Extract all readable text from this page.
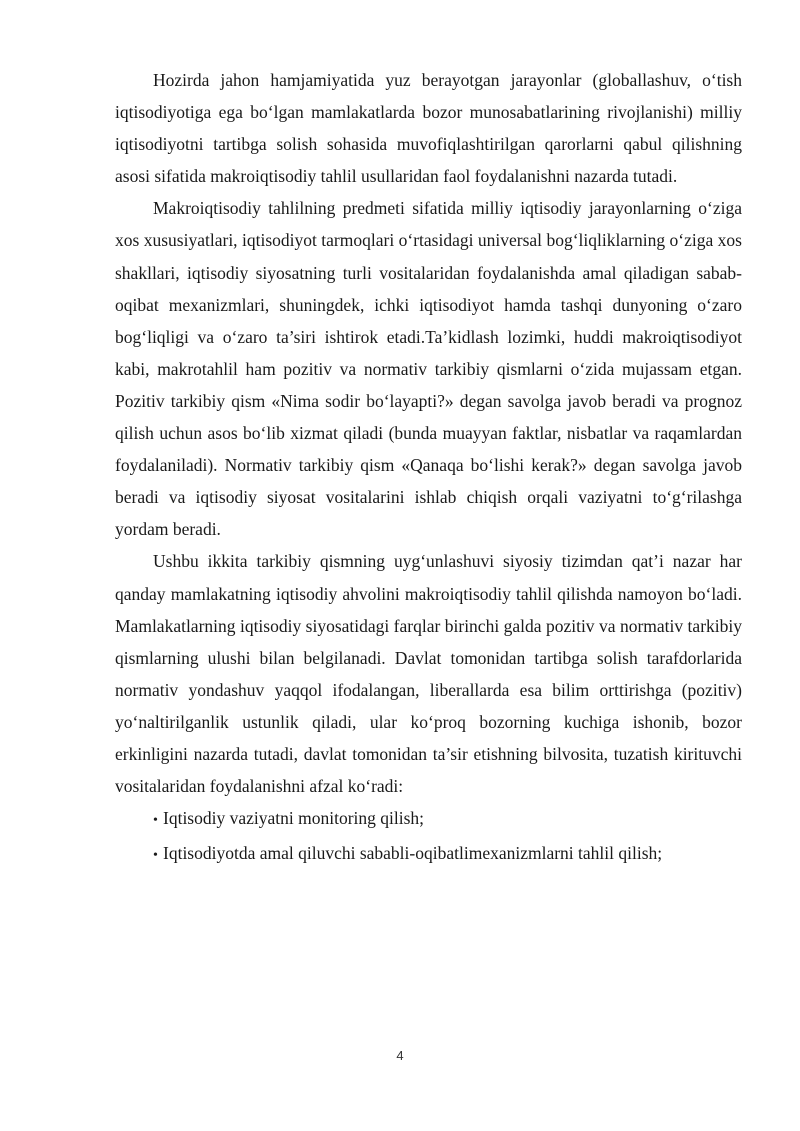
Hozirda jahon hamjamiyatida yuz berayotgan jarayonlar (globallashuv, o‘tish iqtisodiyotiga ega bo‘lgan mamlakatlarda bozor munosabatlarining rivojlanishi) milliy iqtisodiyotni tartibga solish sohasida muvofiqlashtirilgan qarorlarni qabul qilishning asosi sifatida makroiqtisodiy tahlil usullaridan faol foydalanishni nazarda tutadi.

Makroiqtisodiy tahlilning predmeti sifatida milliy iqtisodiy jarayonlarning o‘ziga xos xususiyatlari, iqtisodiyot tarmoqlari o‘rtasidagi universal bog‘liqliklarning o‘ziga xos shakllari, iqtisodiy siyosatning turli vositalaridan foydalanishda amal qiladigan sabab-oqibat mexanizmlari, shuningdek, ichki iqtisodiyot hamda tashqi dunyoning o‘zaro bog‘liqligi va o‘zaro ta’siri ishtirok etadi.Ta’kidlash lozimki, huddi makroiqtisodiyot kabi, makrotahlil ham pozitiv va normativ tarkibiy qismlarni o‘zida mujassam etgan. Pozitiv tarkibiy qism «Nima sodir bo‘layapti?» degan savolga javob beradi va prognoz qilish uchun asos bo‘lib xizmat qiladi (bunda muayyan faktlar, nisbatlar va raqamlardan foydalaniladi). Normativ tarkibiy qism «Qanaqa bo‘lishi kerak?» degan savolga javob beradi va iqtisodiy siyosat vositalarini ishlab chiqish orqali vaziyatni to‘g‘rilashga yordam beradi.

Ushbu ikkita tarkibiy qismning uyg‘unlashuvi siyosiy tizimdan qat’i nazar har qanday mamlakatning iqtisodiy ahvolini makroiqtisodiy tahlil qilishda namoyon bo‘ladi. Mamlakatlarning iqtisodiy siyosatidagi farqlar birinchi galda pozitiv va normativ tarkibiy qismlarning ulushi bilan belgilanadi. Davlat tomonidan tartibga solish tarafdorlarida normativ yondashuv yaqqol ifodalangan, liberallarda esa bilim orttirishga (pozitiv) yo‘naltirilganlik ustunlik qiladi, ular ko‘proq bozorning kuchiga ishonib, bozor erkinligini nazarda tutadi, davlat tomonidan ta’sir etishning bilvosita, tuzatish kirituvchi vositalaridan foydalanishni afzal ko‘radi:

• Iqtisodiy vaziyatni monitoring qilish;
• Iqtisodiyotda amal qiluvchi sababli-oqibatlimexanizmlarni tahlil qilish;
4
